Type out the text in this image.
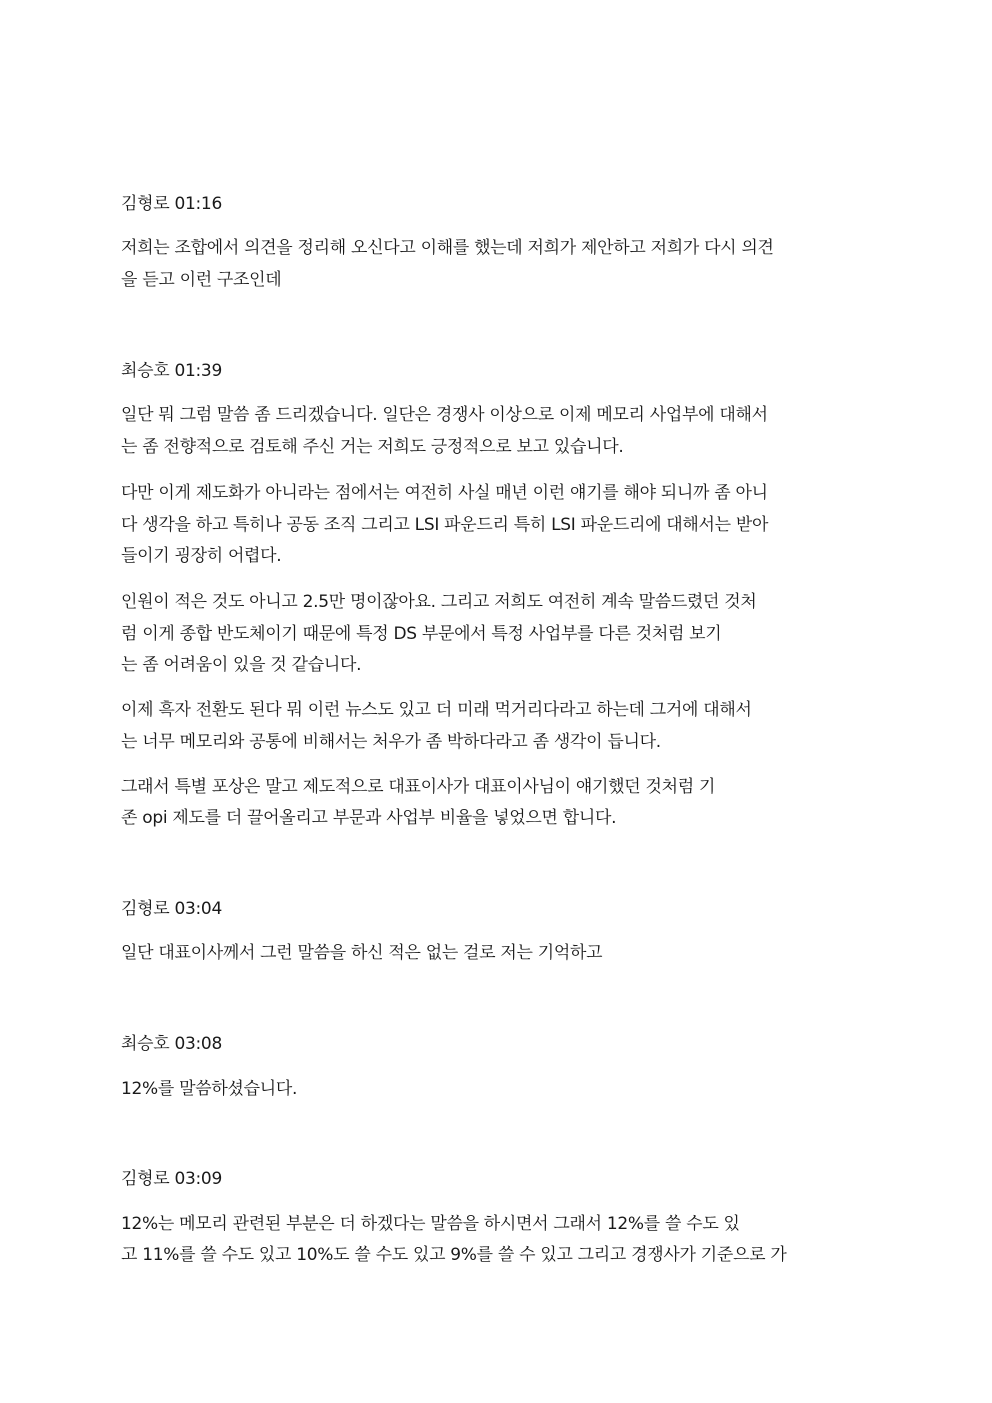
김형로 01:16
저희는 조합에서 의견을 정리해 오신다고 이해를 했는데 저희가 제안하고 저희가 다시 의견
을 듣고 이런 구조인데
최승호 01:39
일단 뭐 그럼 말씀 좀 드리겠습니다. 일단은 경쟁사 이상으로 이제 메모리 사업부에 대해서
는 좀 전향적으로 검토해 주신 거는 저희도 긍정적으로 보고 있습니다.
다만 이게 제도화가 아니라는 점에서는 여전히 사실 매년 이런 얘기를 해야 되니까 좀 아니
다 생각을 하고 특히나 공동 조직 그리고 LSI 파운드리 특히 LSI 파운드리에 대해서는 받아
들이기 굉장히 어렵다.
인원이 적은 것도 아니고 2.5만 명이잖아요. 그리고 저희도 여전히 계속 말씀드렸던 것처
럼 이게 종합 반도체이기 때문에 특정 DS 부문에서 특정 사업부를 다른 것처럼 보기
는 좀 어려움이 있을 것 같습니다.
이제 흑자 전환도 된다 뭐 이런 뉴스도 있고 더 미래 먹거리다라고 하는데 그거에 대해서
는 너무 메모리와 공통에 비해서는 처우가 좀 박하다라고 좀 생각이 듭니다.
그래서 특별 포상은 말고 제도적으로 대표이사가 대표이사님이 얘기했던 것처럼 기
존 opi 제도를 더 끌어올리고 부문과 사업부 비율을 넣었으면 합니다.
김형로 03:04
일단 대표이사께서 그런 말씀을 하신 적은 없는 걸로 저는 기억하고
최승호 03:08
12%를 말씀하셨습니다.
김형로 03:09
12%는 메모리 관련된 부분은 더 하겠다는 말씀을 하시면서 그래서 12%를 쓸 수도 있
고 11%를 쓸 수도 있고 10%도 쓸 수도 있고 9%를 쓸 수 있고 그리고 경쟁사가 기준으로 가
